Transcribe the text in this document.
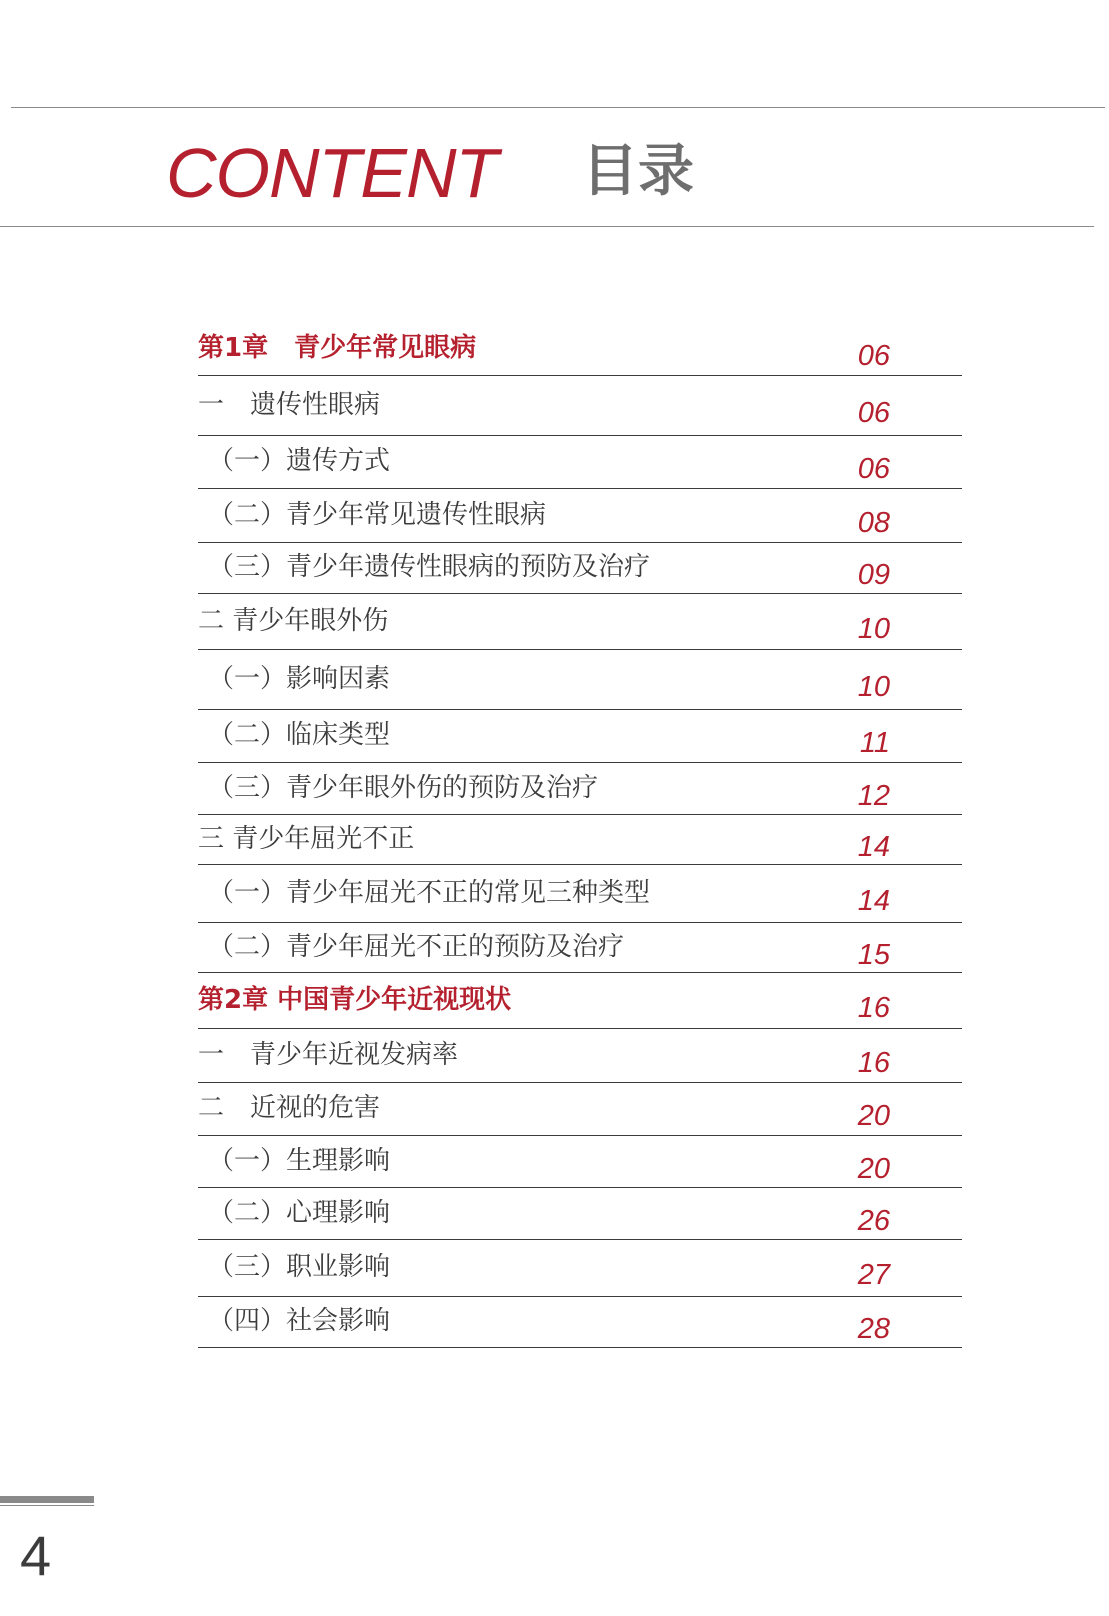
CONTENT 目录
第1章　青少年常见眼病	06
一　遗传性眼病	06
（一）遗传方式	06
（二）青少年常见遗传性眼病	08
（三）青少年遗传性眼病的预防及治疗	09
二 青少年眼外伤	10
（一）影响因素	10
（二）临床类型	11
（三）青少年眼外伤的预防及治疗	12
三 青少年屈光不正	14
（一）青少年屈光不正的常见三种类型	14
（二）青少年屈光不正的预防及治疗	15
第2章 中国青少年近视现状	16
一　青少年近视发病率	16
二　近视的危害	20
（一）生理影响	20
（二）心理影响	26
（三）职业影响	27
（四）社会影响	28
4
